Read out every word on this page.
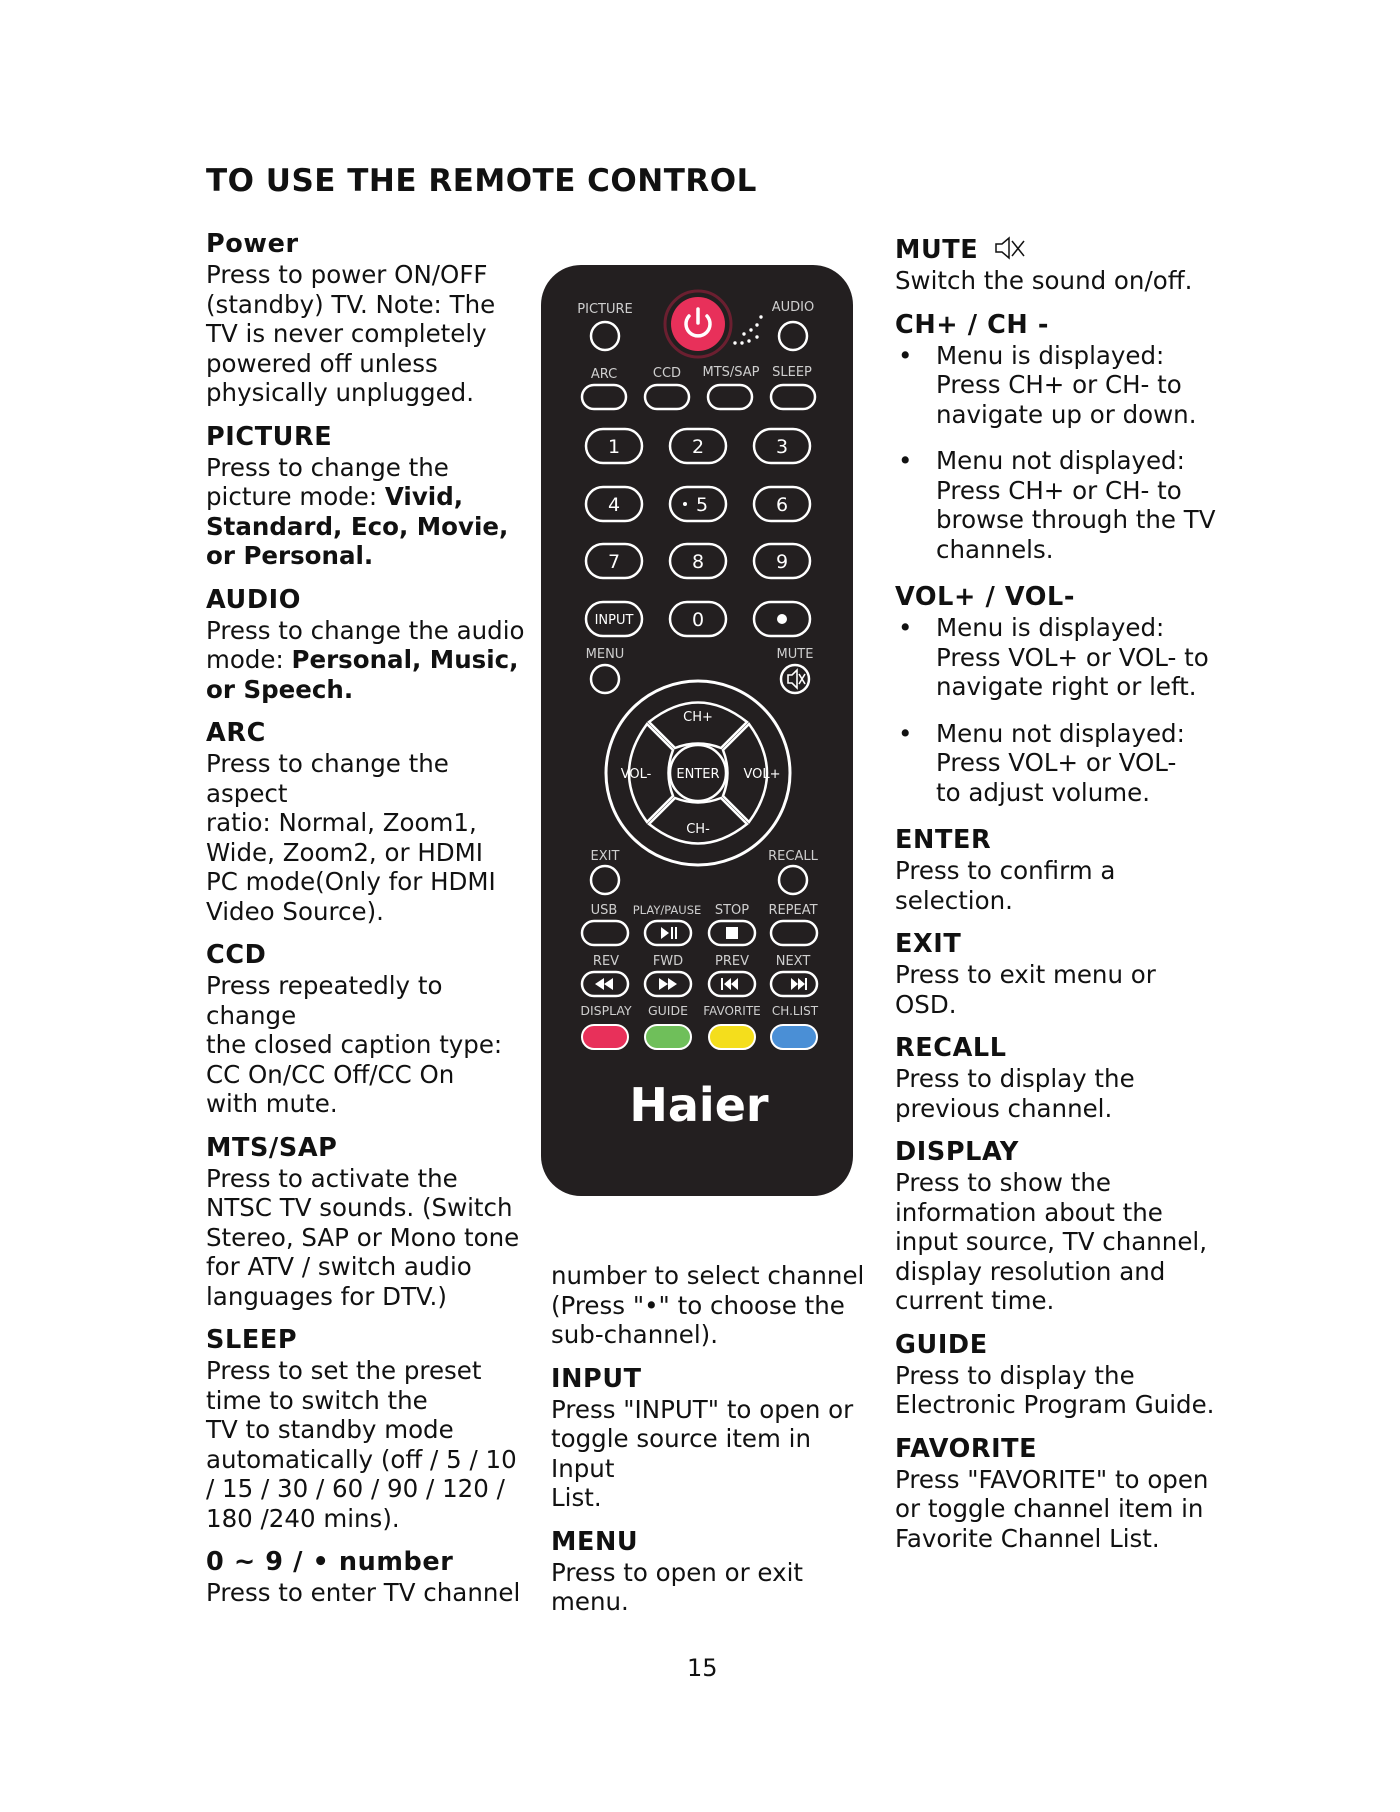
TO USE THE REMOTE CONTROL
Power

Press to power ON/OFF
(standby) TV. Note: The
TV is never completely
powered off unless
physically unplugged.

PICTURE

Press to change the
picture mode: Vivid,
Standard, Eco, Movie,
or Personal.

AUDIO

Press to change the audio
mode: Personal, Music,
or Speech.

ARC

Press to change the aspect
ratio: Normal, Zoom1,
Wide, Zoom2, or HDMI
PC mode(Only for HDMI
Video Source).

CCD

Press repeatedly to change
the closed caption type:
CC On/CC Off/CC On
with mute.

MTS/SAP

Press to activate the
NTSC TV sounds. (Switch
Stereo, SAP or Mono tone
for ATV / switch audio
languages for DTV.)

SLEEP

Press to set the preset
time to switch the
TV to standby mode
automatically (off / 5 / 10
/ 15 / 30 / 60 / 90 / 120 /
180 /240 mins).

0 ~ 9 / • number

Press to enter TV channel

PICTURE	AUDIO
ARC	CCD MTS/SAP SLEEP
1	2	3
4	5	6
7	8	9
0
INPUT
MENU	MUTE
CH+
CH-
VOL-	VOL+
ENTER
EXIT	RECALL
USB PLAY/PAUSE STOP REPEAT
REV	FWD PREV NEXT
DISPLAY GUIDE FAVORITE CH.LIST
Haier

number to select channel
(Press "•" to choose the
sub-channel).

INPUT

Press "INPUT" to open or
toggle source item in Input
List.

MENU

Press to open or exit
menu.

MUTE

Switch the sound on/off.

CH+ / CH -
• Menu is displayed:
Press CH+ or CH- to
navigate up or down.
• Menu not displayed:
Press CH+ or CH- to
browse through the TV
channels.
VOL+ / VOL-
• Menu is displayed:
Press VOL+ or VOL- to
navigate right or left.
• Menu not displayed:
Press VOL+ or VOL-
to adjust volume.
ENTER

Press to confirm a
selection.

EXIT

Press to exit menu or
OSD.

RECALL

Press to display the
previous channel.

DISPLAY

Press to show the
information about the
input source, TV channel,
display resolution and
current time.

GUIDE

Press to display the
Electronic Program Guide.

FAVORITE

Press "FAVORITE" to open
or toggle channel item in
Favorite Channel List.

15
